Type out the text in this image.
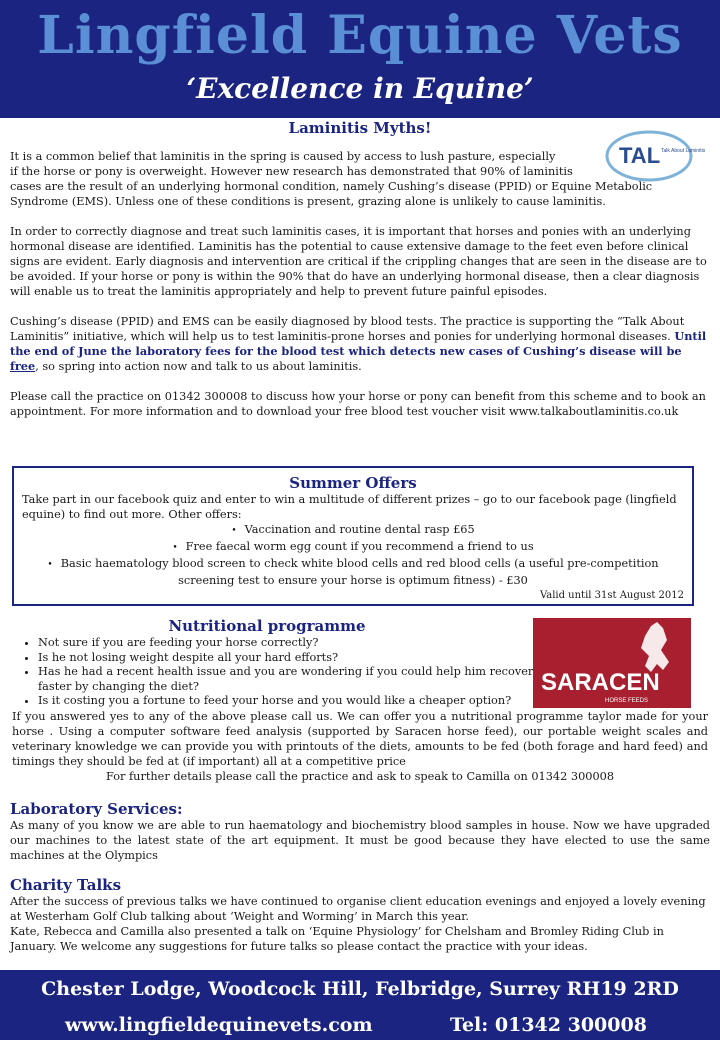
Lingfield Equine Vets
‘Excellence in Equine’
TAL Talk About Laminitis
Laminitis Myths!

It is a common belief that laminitis in the spring is caused by access to lush pasture, especially
if the horse or pony is overweight. However new research has demonstrated that 90% of laminitis
cases are the result of an underlying hormonal condition, namely Cushing’s disease (PPID) or Equine Metabolic Syndrome (EMS). Unless one of these conditions is present, grazing alone is unlikely to cause laminitis.

In order to correctly diagnose and treat such laminitis cases, it is important that horses and ponies with an underlying hormonal disease are identified. Laminitis has the potential to cause extensive damage to the feet even before clinical signs are evident. Early diagnosis and intervention are critical if the crippling changes that are seen in the disease are to be avoided. If your horse or pony is within the 90% that do have an underlying hormonal disease, then a clear diagnosis will enable us to treat the laminitis appropriately and help to prevent future painful episodes.

Cushing’s disease (PPID) and EMS can be easily diagnosed by blood tests. The practice is supporting the “Talk About Laminitis” initiative, which will help us to test laminitis-prone horses and ponies for underlying hormonal diseases. Until the end of June the laboratory fees for the blood test which detects new cases of Cushing’s disease will be free, so spring into action now and talk to us about laminitis.

Please call the practice on 01342 300008 to discuss how your horse or pony can benefit from this scheme and to book an appointment. For more information and to download your free blood test voucher visit www.talkaboutlaminitis.co.uk

Summer Offers
Take part in our facebook quiz and enter to win a multitude of different prizes – go to our facebook page (lingfield equine) to find out more. Other offers:
• Vaccination and routine dental rasp £65
• Free faecal worm egg count if you recommend a friend to us
• Basic haematology blood screen to check white blood cells and red blood cells (a useful pre-competition screening test to ensure your horse is optimum fitness) - £30
Valid until 31st August 2012
Nutritional programme
• Not sure if you are feeding your horse correctly?
• Is he not losing weight despite all your hard efforts?
• Has he had a recent health issue and you are wondering if you could help him recover faster by changing the diet?
• Is it costing you a fortune to feed your horse and you would like a cheaper option?
If you answered yes to any of the above please call us. We can offer you a nutritional programme taylor made for your horse . Using a computer software feed analysis (supported by Saracen horse feed), our portable weight scales and veterinary knowledge we can provide you with printouts of the diets, amounts to be fed (both forage and hard feed) and timings they should be fed at (if important) all at a competitive price
For further details please call the practice and ask to speak to Camilla on 01342 300008
SARACEN
HORSE FEEDS
Laboratory Services:
As many of you know we are able to run haematology and biochemistry blood samples in house. Now we have upgraded our machines to the latest state of the art equipment. It must be good because they have elected to use the same machines at the Olympics
Charity Talks
After the success of previous talks we have continued to organise client education evenings and enjoyed a lovely evening at Westerham Golf Club talking about ‘Weight and Worming’ in March this year.
Kate, Rebecca and Camilla also presented a talk on ‘Equine Physiology’ for Chelsham and Bromley Riding Club in January. We welcome any suggestions for future talks so please contact the practice with your ideas.
Chester Lodge, Woodcock Hill, Felbridge, Surrey RH19 2RD
www.lingfieldequinevets.com	Tel: 01342 300008
